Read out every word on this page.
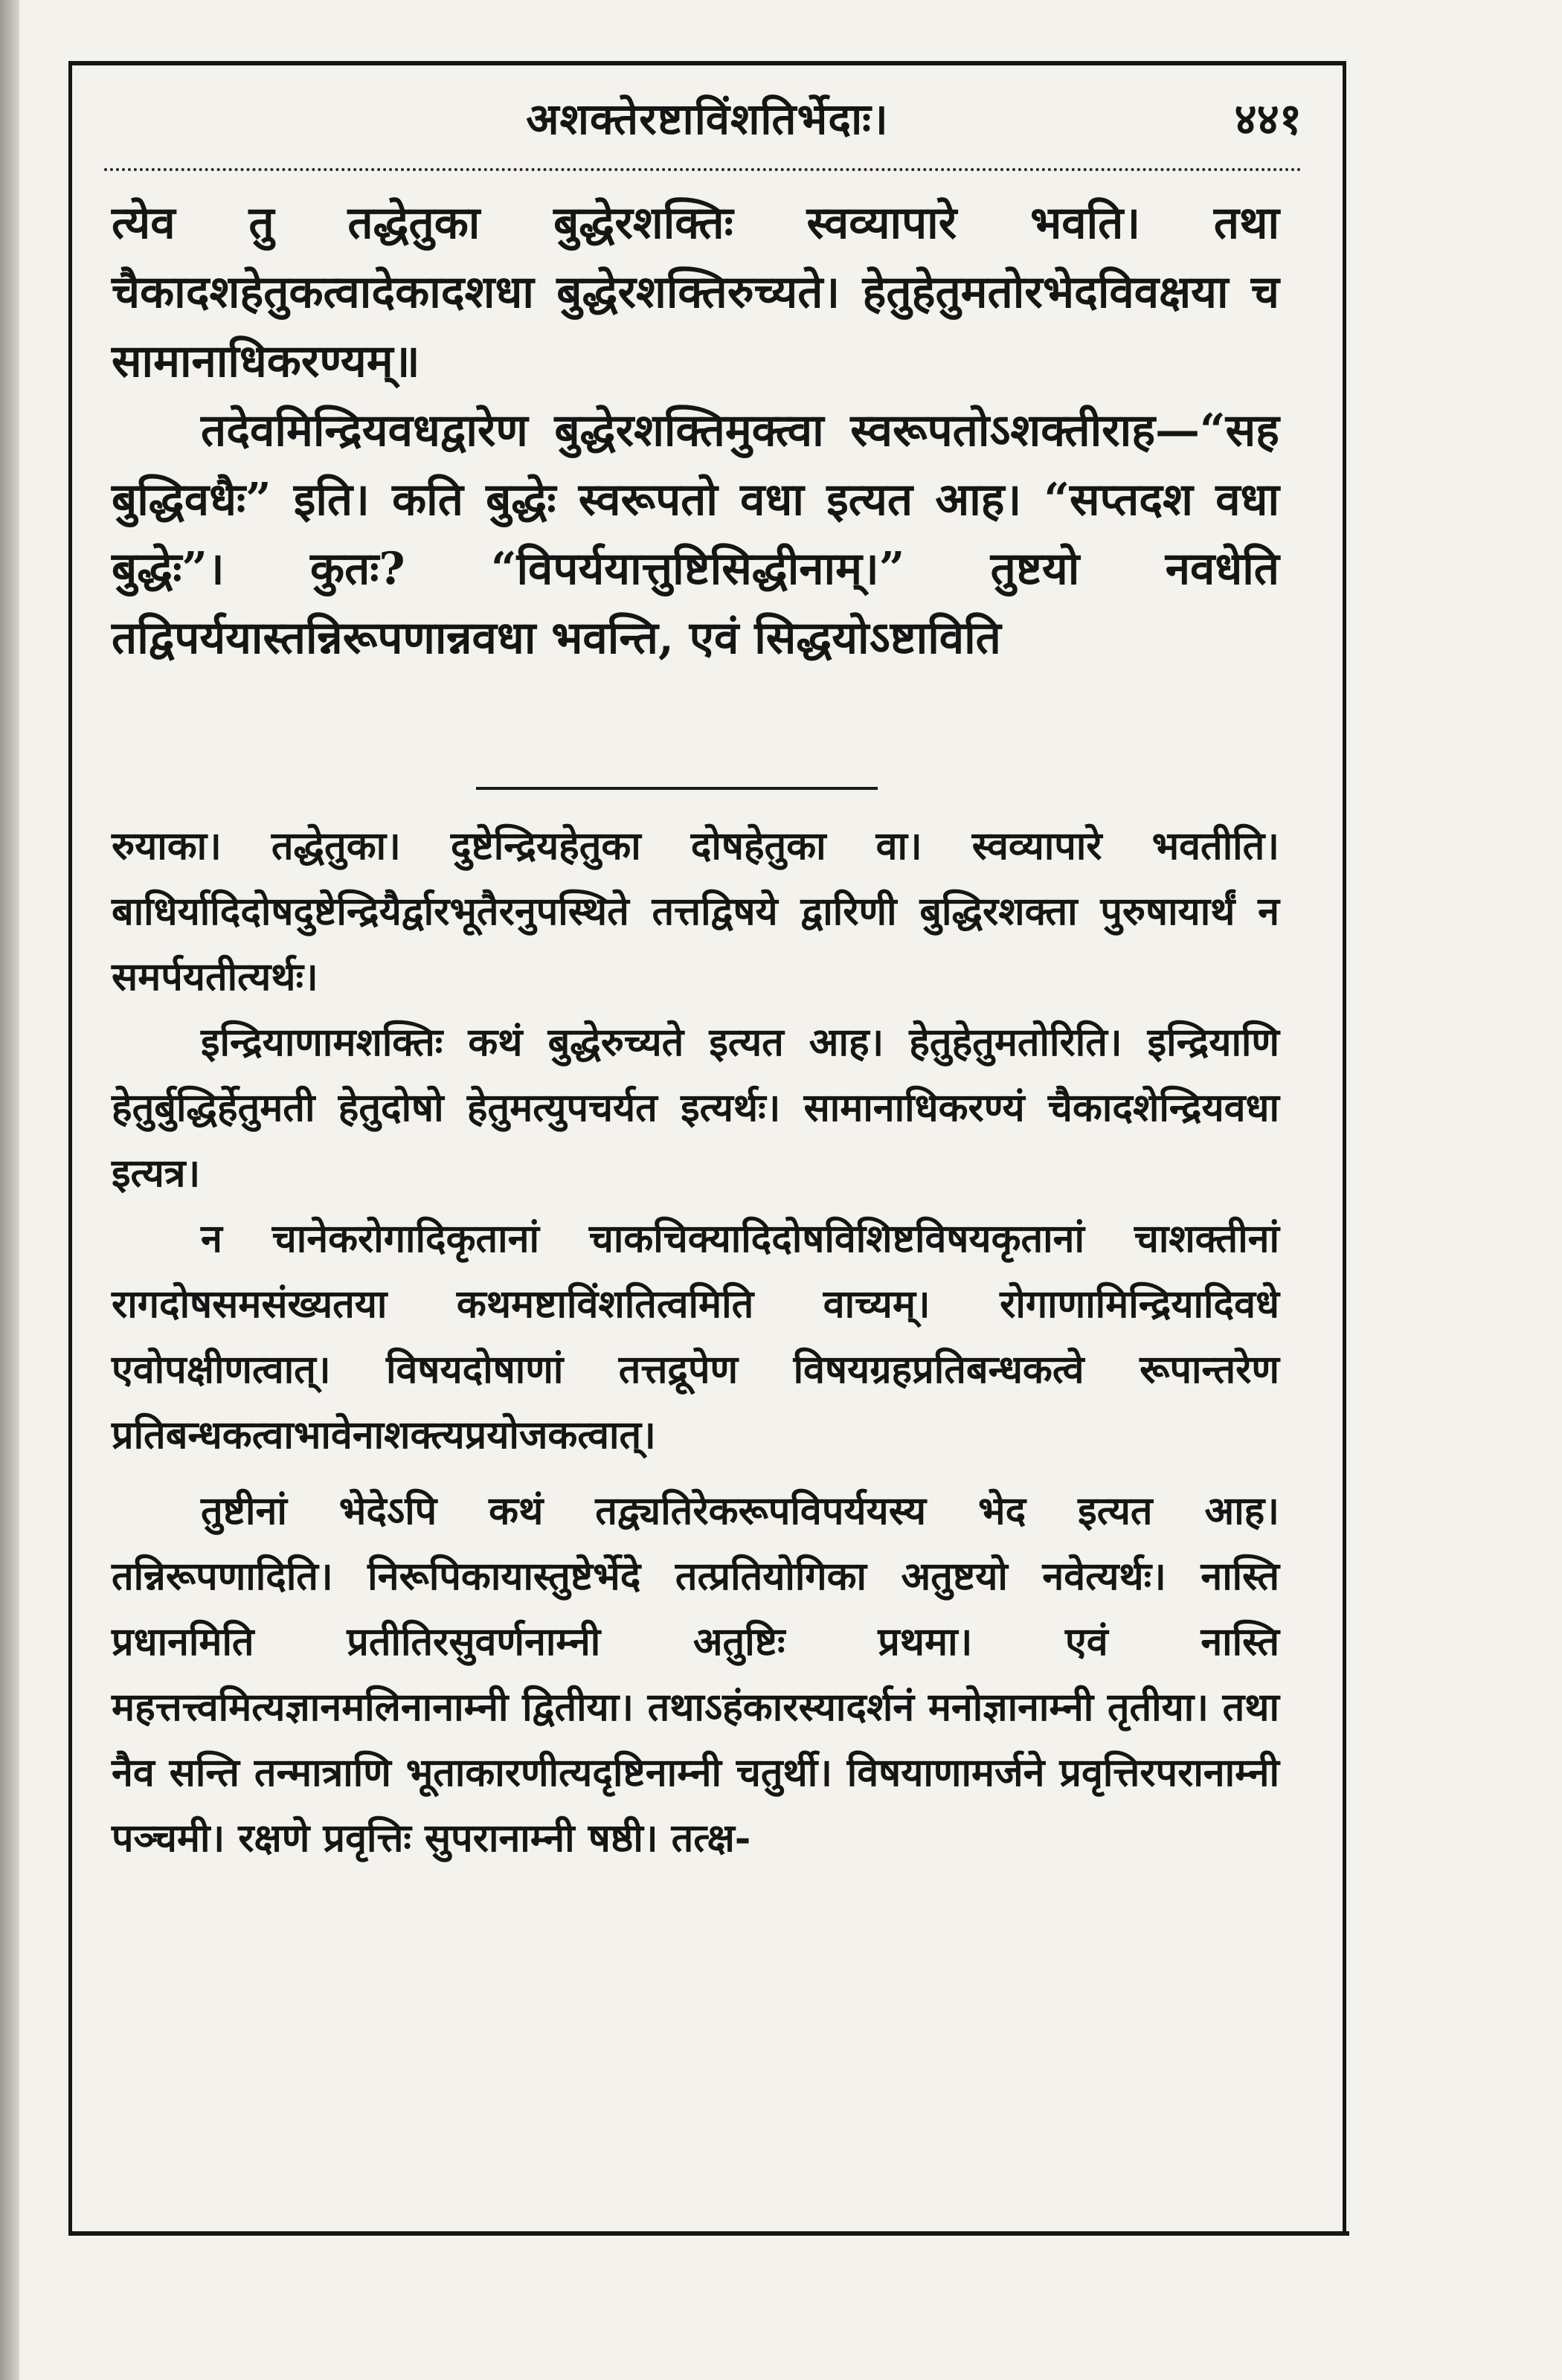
अशक्तेरष्टाविंशतिर्भेदाः।	४४१

त्येव तु तद्धेतुका बुद्धेरशक्तिः स्वव्यापारे भवति। तथा चैकादशहेतुकत्वादेकादशधा बुद्धेरशक्तिरुच्यते। हेतुहेतुमतोरभेदविवक्षया च सामानाधिकरण्यम्॥

तदेवमिन्द्रियवधद्वारेण बुद्धेरशक्तिमुक्त्वा स्वरूपतोऽशक्तीराह—“सह बुद्धिवधैः” इति। कति बुद्धेः स्वरूपतो वधा इत्यत आह। “सप्तदश वधा बुद्धेः”। कुतः? “विपर्ययात्तुष्टिसिद्धीनाम्।” तुष्टयो नवधेति तद्विपर्ययास्तन्निरूपणान्नवधा भवन्ति, एवं सिद्धयोऽष्टाविति

रुयाका। तद्धेतुका। दुष्टेन्द्रियहेतुका दोषहेतुका वा। स्वव्यापारे भवतीति। बाधिर्यादिदोषदुष्टेन्द्रियैर्द्वारभूतैरनुपस्थिते तत्तद्विषये द्वारिणी बुद्धिरशक्ता पुरुषायार्थं न समर्पयतीत्यर्थः।

इन्द्रियाणामशक्तिः कथं बुद्धेरुच्यते इत्यत आह। हेतुहेतुमतोरिति। इन्द्रियाणि हेतुर्बुद्धिर्हेतुमती हेतुदोषो हेतुमत्युपचर्यत इत्यर्थः। सामानाधिकरण्यं चैकादशेन्द्रियवधा इत्यत्र।

न चानेकरोगादिकृतानां चाकचिक्यादिदोषविशिष्टविषयकृतानां चाशक्तीनां रागदोषसमसंख्यतया कथमष्टाविंशतित्वमिति वाच्यम्। रोगाणामिन्द्रियादिवधे एवोपक्षीणत्वात्। विषयदोषाणां तत्तद्रूपेण विषयग्रहप्रतिबन्धकत्वे रूपान्तरेण प्रतिबन्धकत्वाभावेनाशक्त्यप्रयोजकत्वात्।

तुष्टीनां भेदेऽपि कथं तद्व्यतिरेकरूपविपर्ययस्य भेद इत्यत आह। तन्निरूपणादिति। निरूपिकायास्तुष्टेर्भेदे तत्प्रतियोगिका अतुष्टयो नवेत्यर्थः। नास्ति प्रधानमिति प्रतीतिरसुवर्णनाम्नी अतुष्टिः प्रथमा। एवं नास्ति महत्तत्त्वमित्यज्ञानमलिनानाम्नी द्वितीया। तथाऽहंकारस्यादर्शनं मनोज्ञानाम्नी तृतीया। तथा नैव सन्ति तन्मात्राणि भूताकारणीत्यदृष्टिनाम्नी चतुर्थी। विषयाणामर्जने प्रवृत्तिरपरानाम्नी पञ्चमी। रक्षणे प्रवृत्तिः सुपरानाम्नी षष्ठी। तत्क्ष-
